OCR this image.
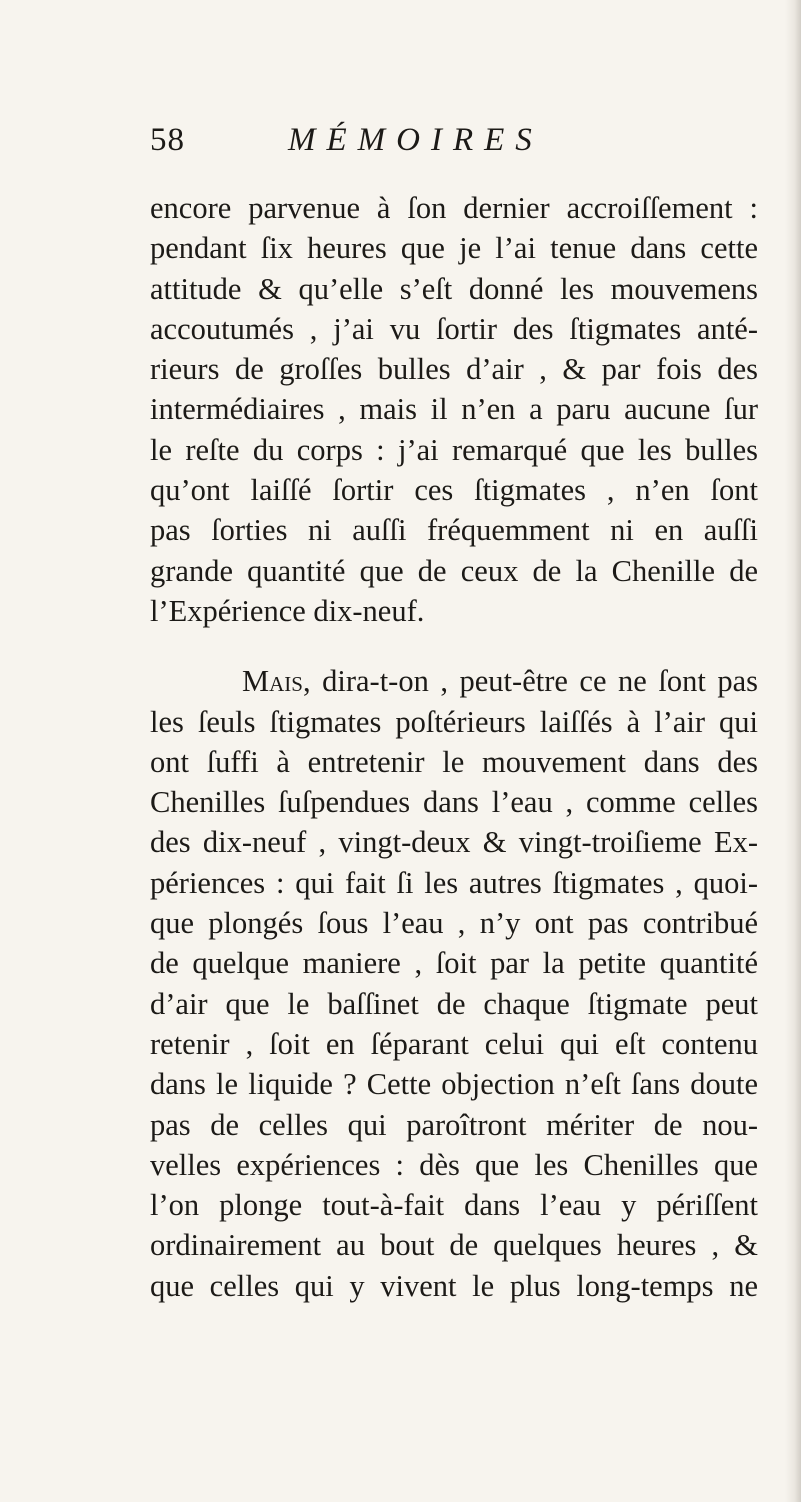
58	MÉMOIRES
encore parvenue à ſon dernier accroiſſement :
pendant ſix heures que je l’ai tenue dans cette
attitude & qu’elle s’eſt donné les mouvemens
accoutumés , j’ai vu ſortir des ſtigmates anté-
rieurs de groſſes bulles d’air , & par fois des
intermédiaires , mais il n’en a paru aucune ſur
le reſte du corps : j’ai remarqué que les bulles
qu’ont laiſſé ſortir ces ſtigmates , n’en ſont
pas ſorties ni auſſi fréquemment ni en auſſi
grande quantité que de ceux de la Chenille de
l’Expérience dix-neuf.
Mais, dira-t-on , peut-être ce ne ſont pas
les ſeuls ſtigmates poſtérieurs laiſſés à l’air qui
ont ſuffi à entretenir le mouvement dans des
Chenilles ſuſpendues dans l’eau , comme celles
des dix-neuf , vingt-deux & vingt-troiſieme Ex-
périences : qui fait ſi les autres ſtigmates , quoi-
que plongés ſous l’eau , n’y ont pas contribué
de quelque maniere , ſoit par la petite quantité
d’air que le baſſinet de chaque ſtigmate peut
retenir , ſoit en ſéparant celui qui eſt contenu
dans le liquide ? Cette objection n’eſt ſans doute
pas de celles qui paroîtront mériter de nou-
velles expériences : dès que les Chenilles que
l’on plonge tout-à-fait dans l’eau y périſſent
ordinairement au bout de quelques heures , &
que celles qui y vivent le plus long-temps ne
